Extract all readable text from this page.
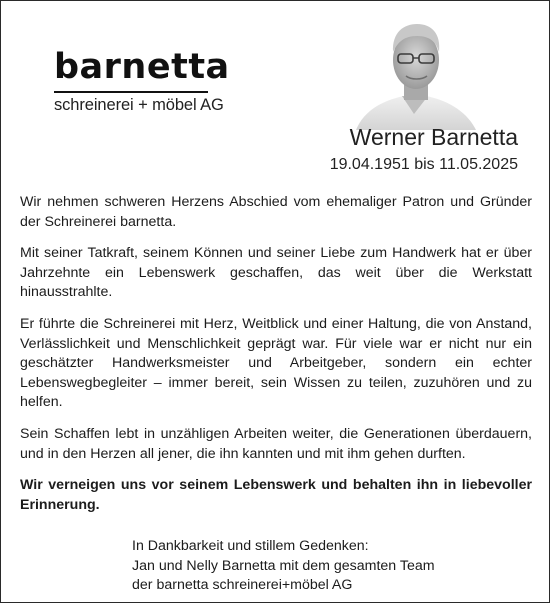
barnetta
schreinerei + möbel AG
Werner Barnetta
19.04.1951 bis 11.05.2025

Wir nehmen schweren Herzens Abschied vom ehemaliger Patron und Gründer der Schreinerei barnetta.

Mit seiner Tatkraft, seinem Können und seiner Liebe zum Handwerk hat er über Jahrzehnte ein Lebenswerk geschaffen, das weit über die Werkstatt hinausstrahlte.

Er führte die Schreinerei mit Herz, Weitblick und einer Haltung, die von Anstand, Verlässlichkeit und Menschlichkeit geprägt war. Für viele war er nicht nur ein geschätzter Handwerksmeister und Arbeitgeber, sondern ein echter Lebenswegbegleiter – immer bereit, sein Wissen zu teilen, zuzuhören und zu helfen.

Sein Schaffen lebt in unzähligen Arbeiten weiter, die Generationen überdauern, und in den Herzen all jener, die ihn kannten und mit ihm gehen durften.

Wir verneigen uns vor seinem Lebenswerk und behalten ihn in liebevoller Erinnerung.

In Dankbarkeit und stillem Gedenken:
Jan und Nelly Barnetta mit dem gesamten Team
der barnetta schreinerei+möbel AG
